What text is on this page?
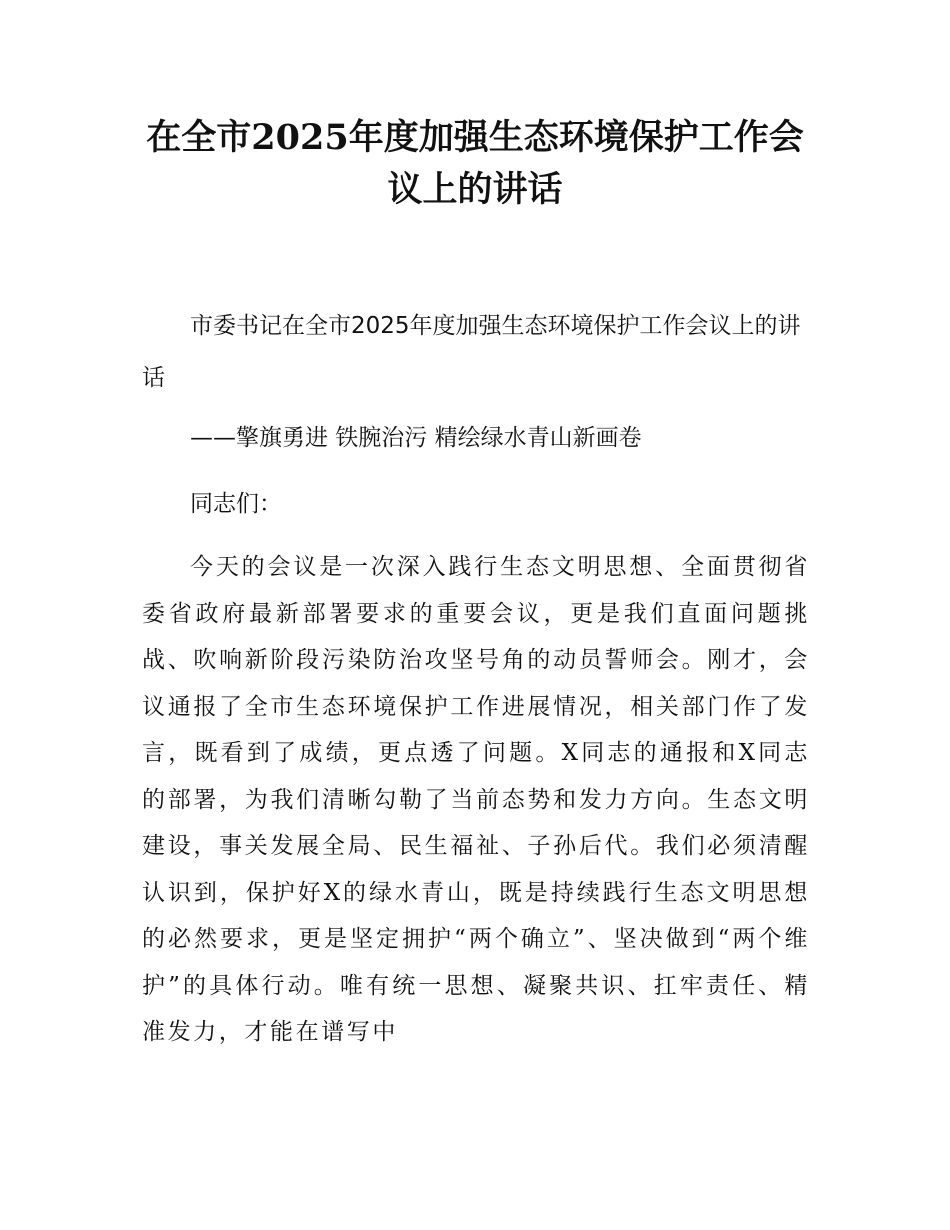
在全市2025年度加强生态环境保护工作会议上的讲话

市委书记在全市2025年度加强生态环境保护工作会议上的讲话

——擎旗勇进 铁腕治污 精绘绿水青山新画卷

同志们：

今天的会议是一次深入践行生态文明思想、全面贯彻省委省政府最新部署要求的重要会议，更是我们直面问题挑战、吹响新阶段污染防治攻坚号角的动员誓师会。刚才，会议通报了全市生态环境保护工作进展情况，相关部门作了发言，既看到了成绩，更点透了问题。X同志的通报和X同志的部署，为我们清晰勾勒了当前态势和发力方向。生态文明建设，事关发展全局、民生福祉、子孙后代。我们必须清醒认识到，保护好X的绿水青山，既是持续践行生态文明思想的必然要求，更是坚定拥护“两个确立”、坚决做到“两个维护”的具体行动。唯有统一思想、凝聚共识、扛牢责任、精准发力，才能在谱写中
